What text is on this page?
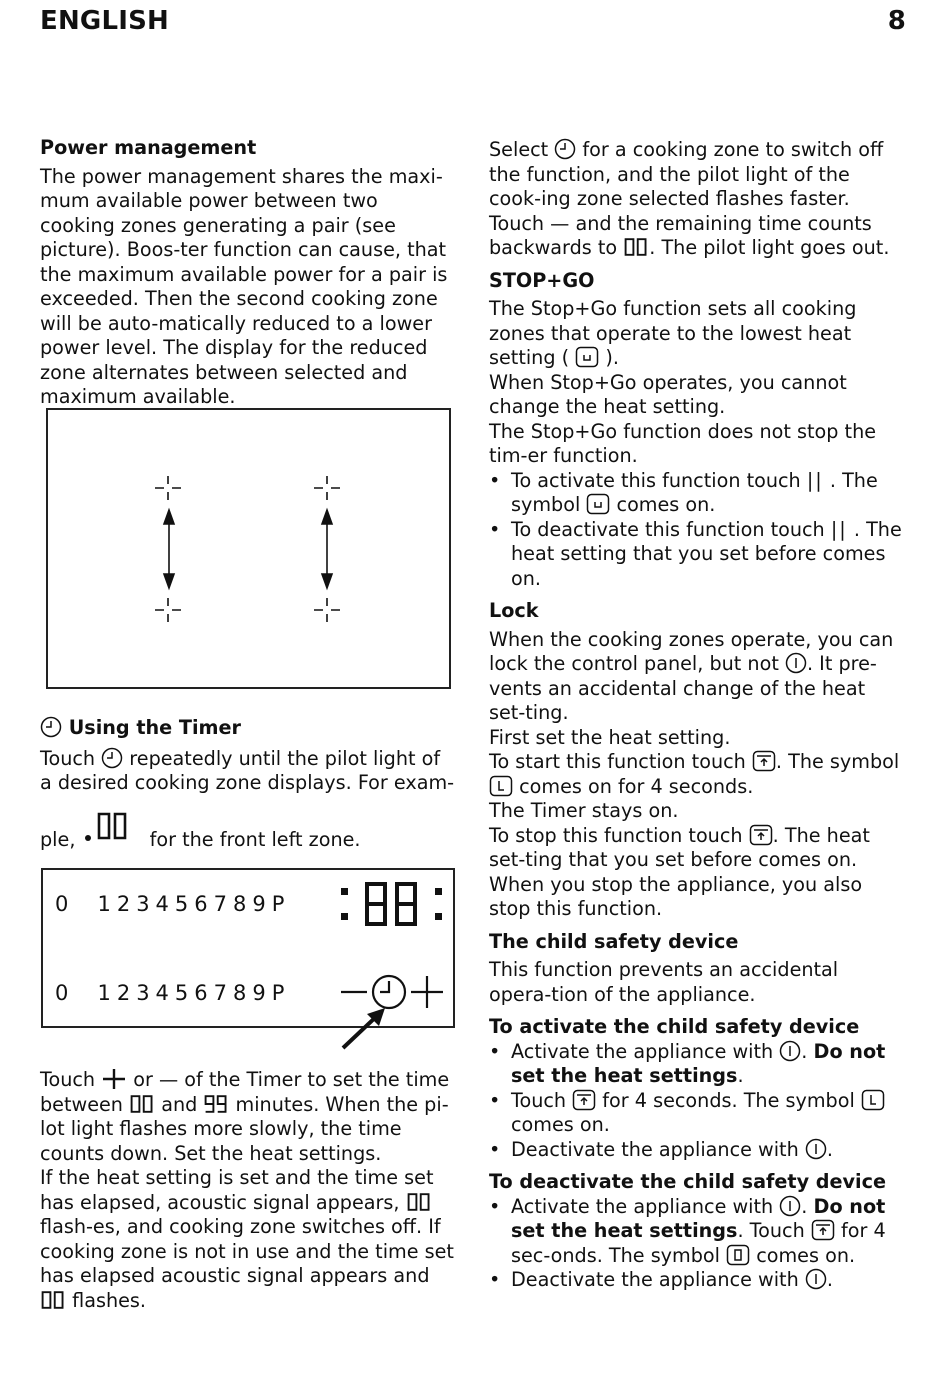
ENGLISH	8

Power management

The power management shares the maxi-mum available power between two cooking zones generating a pair (see picture). Boos-ter function can cause, that the maximum available power for a pair is exceeded. Then the second cooking zone will be auto-matically reduced to a lower power level. The display for the reduced zone alternates between selected and maximum available.

Using the Timer

Touch repeatedly until the pilot light of a desired cooking zone displays. For exam-

ple,	for the front left zone.

0 123456789P
0 123456789P

Touch or — of the Timer to set the time between and minutes. When the pi-lot light flashes more slowly, the time counts down. Set the heat settings.

If the heat setting is set and the time set has elapsed, acoustic signal appears,  flash-es, and cooking zone switches off. If cooking zone is not in use and the time set has elapsed acoustic signal appears and  flashes.

Select for a cooking zone to switch off the function, and the pilot light of the cook-ing zone selected flashes faster. Touch — and the remaining time counts backwards to . The pilot light goes out.

STOP+GO

The Stop+Go function sets all cooking zones that operate to the lowest heat setting ( ).

When Stop+Go operates, you cannot change the heat setting.

The Stop+Go function does not stop the tim-er function.

• To activate this function touch || . The symbol comes on.
• To deactivate this function touch || . The heat setting that you set before comes on.

Lock

When the cooking zones operate, you can lock the control panel, but not . It pre-vents an accidental change of the heat set-ting.

First set the heat setting.

To start this function touch . The symbol  comes on for 4 seconds.

The Timer stays on.

To stop this function touch . The heat set-ting that you set before comes on.

When you stop the appliance, you also stop this function.

The child safety device

This function prevents an accidental opera-tion of the appliance.

To activate the child safety device

• Activate the appliance with . Do not set the heat settings.
• Touch for 4 seconds. The symbol  comes on.
• Deactivate the appliance with .

To deactivate the child safety device

• Activate the appliance with . Do not set the heat settings. Touch for 4 sec-onds. The symbol comes on.
• Deactivate the appliance with .
